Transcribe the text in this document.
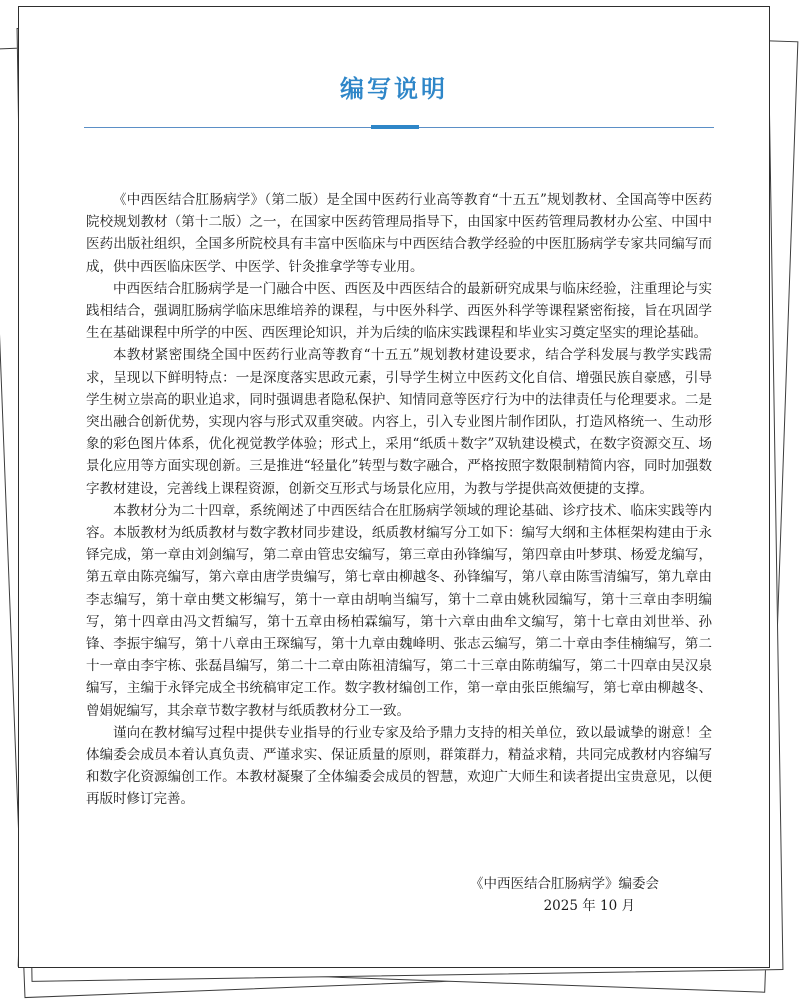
编写说明

《中西医结合肛肠病学》（第二版）是全国中医药行业高等教育“十五五”规划教材、全国高等中医药院校规划教材（第十二版）之一，在国家中医药管理局指导下，由国家中医药管理局教材办公室、中国中医药出版社组织，全国多所院校具有丰富中医临床与中西医结合教学经验的中医肛肠病学专家共同编写而成，供中西医临床医学、中医学、针灸推拿学等专业用。

中西医结合肛肠病学是一门融合中医、西医及中西医结合的最新研究成果与临床经验，注重理论与实践相结合，强调肛肠病学临床思维培养的课程，与中医外科学、西医外科学等课程紧密衔接，旨在巩固学生在基础课程中所学的中医、西医理论知识，并为后续的临床实践课程和毕业实习奠定坚实的理论基础。

本教材紧密围绕全国中医药行业高等教育“十五五”规划教材建设要求，结合学科发展与教学实践需求，呈现以下鲜明特点：一是深度落实思政元素，引导学生树立中医药文化自信、增强民族自豪感，引导学生树立崇高的职业追求，同时强调患者隐私保护、知情同意等医疗行为中的法律责任与伦理要求。二是突出融合创新优势，实现内容与形式双重突破。内容上，引入专业图片制作团队，打造风格统一、生动形象的彩色图片体系，优化视觉教学体验；形式上，采用“纸质＋数字”双轨建设模式，在数字资源交互、场景化应用等方面实现创新。三是推进“轻量化”转型与数字融合，严格按照字数限制精简内容，同时加强数字教材建设，完善线上课程资源，创新交互形式与场景化应用，为教与学提供高效便捷的支撑。

本教材分为二十四章，系统阐述了中西医结合在肛肠病学领域的理论基础、诊疗技术、临床实践等内容。本版教材为纸质教材与数字教材同步建设，纸质教材编写分工如下：编写大纲和主体框架构建由于永铎完成，第一章由刘剑编写，第二章由管忠安编写，第三章由孙锋编写，第四章由叶梦琪、杨爱龙编写，第五章由陈亮编写，第六章由唐学贵编写，第七章由柳越冬、孙锋编写，第八章由陈雪清编写，第九章由李志编写，第十章由樊文彬编写，第十一章由胡响当编写，第十二章由姚秋园编写，第十三章由李明编写，第十四章由冯文哲编写，第十五章由杨柏霖编写，第十六章由曲牟文编写，第十七章由刘世举、孙锋、李振宇编写，第十八章由王琛编写，第十九章由魏峰明、张志云编写，第二十章由李佳楠编写，第二十一章由李宇栋、张磊昌编写，第二十二章由陈祖清编写，第二十三章由陈萌编写，第二十四章由吴汉泉编写，主编于永铎完成全书统稿审定工作。数字教材编创工作，第一章由张臣熊编写，第七章由柳越冬、曾娟妮编写，其余章节数字教材与纸质教材分工一致。

谨向在教材编写过程中提供专业指导的行业专家及给予鼎力支持的相关单位，致以最诚挚的谢意！全体编委会成员本着认真负责、严谨求实、保证质量的原则，群策群力，精益求精，共同完成教材内容编写和数字化资源编创工作。本教材凝聚了全体编委会成员的智慧，欢迎广大师生和读者提出宝贵意见，以便再版时修订完善。

《中西医结合肛肠病学》编委会
2025 年 10 月
